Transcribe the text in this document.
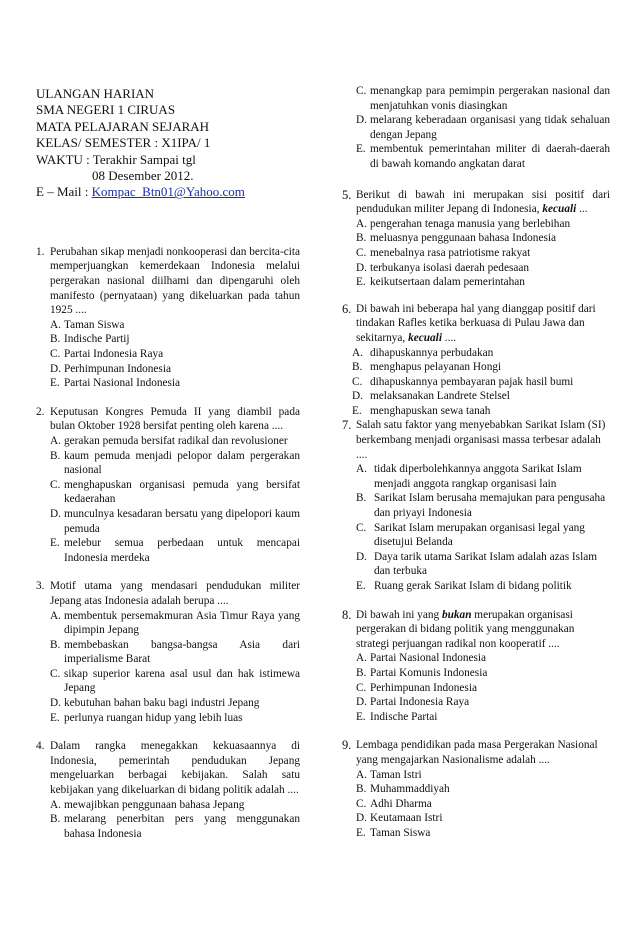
ULANGAN HARIAN
SMA NEGERI 1 CIRUAS
MATA PELAJARAN SEJARAH
KELAS/ SEMESTER : X1IPA/ 1
WAKTU : Terakhir Sampai tgl
08 Desember 2012.
E – Mail : Kompac_Btn01@Yahoo.com
1. Perubahan sikap menjadi nonkooperasi dan bercita-cita memperjuangkan kemerdekaan Indonesia melalui pergerakan nasional diilhami dan dipengaruhi oleh manifesto (pernyataan) yang dikeluarkan pada tahun 1925 ....
A. Taman Siswa
B. Indische Partij
C. Partai Indonesia Raya
D. Perhimpunan Indonesia
E. Partai Nasional Indonesia
2. Keputusan Kongres Pemuda II yang diambil pada bulan Oktober 1928 bersifat penting oleh karena ....
A. gerakan pemuda bersifat radikal dan revolusioner
B. kaum pemuda menjadi pelopor dalam pergerakan nasional
C. menghapuskan organisasi pemuda yang bersifat kedaerahan
D. munculnya kesadaran bersatu yang dipelopori kaum pemuda
E. melebur semua perbedaan untuk mencapai Indonesia merdeka
3. Motif utama yang mendasari pendudukan militer Jepang atas Indonesia adalah berupa ....
A. membentuk persemakmuran Asia Timur Raya yang dipimpin Jepang
B. membebaskan bangsa-bangsa Asia dari imperialisme Barat
C. sikap superior karena asal usul dan hak istimewa Jepang
D. kebutuhan bahan baku bagi industri Jepang
E. perlunya ruangan hidup yang lebih luas
4. Dalam rangka menegakkan kekuasaannya di Indonesia, pemerintah pendudukan Jepang mengeluarkan berbagai kebijakan. Salah satu kebijakan yang dikeluarkan di bidang politik adalah ....
A. mewajibkan penggunaan bahasa Jepang
B. melarang penerbitan pers yang menggunakan bahasa Indonesia
C. menangkap para pemimpin pergerakan nasional dan menjatuhkan vonis diasingkan
D. melarang keberadaan organisasi yang tidak sehaluan dengan Jepang
E. membentuk pemerintahan militer di daerah-daerah di bawah komando angkatan darat
5. Berikut di bawah ini merupakan sisi positif dari pendudukan militer Jepang di Indonesia, kecuali ...
A. pengerahan tenaga manusia yang berlebihan
B. meluasnya penggunaan bahasa Indonesia
C. menebalnya rasa patriotisme rakyat
D. terbukanya isolasi daerah pedesaan
E. keikutsertaan dalam pemerintahan
6. Di bawah ini beberapa hal yang dianggap positif dari tindakan Rafles ketika berkuasa di Pulau Jawa dan sekitarnya, kecuali ....
A. dihapuskannya perbudakan
B. menghapus pelayanan Hongi
C. dihapuskannya pembayaran pajak hasil bumi
D. melaksanakan Landrete Stelsel
E. menghapuskan sewa tanah
7. Salah satu faktor yang menyebabkan Sarikat Islam (SI) berkembang menjadi organisasi massa terbesar adalah ....
A. tidak diperbolehkannya anggota Sarikat Islam menjadi anggota rangkap organisasi lain
B. Sarikat Islam berusaha memajukan para pengusaha dan priyayi Indonesia
C. Sarikat Islam merupakan organisasi legal yang disetujui Belanda
D. Daya tarik utama Sarikat Islam adalah azas Islam dan terbuka
E. Ruang gerak Sarikat Islam di bidang politik
8. Di bawah ini yang bukan merupakan organisasi pergerakan di bidang politik yang menggunakan strategi perjuangan radikal non kooperatif ....
A. Partai Nasional Indonesia
B. Partai Komunis Indonesia
C. Perhimpunan Indonesia
D. Partai Indonesia Raya
E. Indische Partai
9. Lembaga pendidikan pada masa Pergerakan Nasional yang mengajarkan Nasionalisme adalah ....
A. Taman Istri
B. Muhammaddiyah
C. Adhi Dharma
D. Keutamaan Istri
E. Taman Siswa
